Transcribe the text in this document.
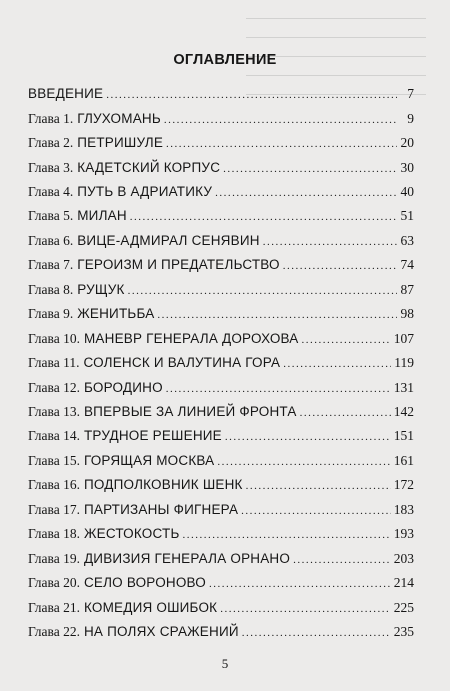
ОГЛАВЛЕНИЕ
ВВЕДЕНИЕ .....	7
Глава 1. ГЛУХОМАНЬ .....	9
Глава 2. ПЕТРИШУЛЕ .....	20
Глава 3. КАДЕТСКИЙ КОРПУС .....	30
Глава 4. ПУТЬ В АДРИАТИКУ .....	40
Глава 5. МИЛАН .....	51
Глава 6. ВИЦЕ-АДМИРАЛ СЕНЯВИН .....	63
Глава 7. ГЕРОИЗМ И ПРЕДАТЕЛЬСТВО .....	74
Глава 8. РУЩУК .....	87
Глава 9. ЖЕНИТЬБА .....	98
Глава 10. МАНЕВР ГЕНЕРАЛА ДОРОХОВА .....	107
Глава 11. СОЛЕНСК И ВАЛУТИНА ГОРА .....	119
Глава 12. БОРОДИНО .....	131
Глава 13. ВПЕРВЫЕ ЗА ЛИНИЕЙ ФРОНТА .....	142
Глава 14. ТРУДНОЕ РЕШЕНИЕ .....	151
Глава 15. ГОРЯЩАЯ МОСКВА .....	161
Глава 16. ПОДПОЛКОВНИК ШЕНК .....	172
Глава 17. ПАРТИЗАНЫ ФИГНЕРА .....	183
Глава 18. ЖЕСТОКОСТЬ .....	193
Глава 19. ДИВИЗИЯ ГЕНЕРАЛА ОРНАНО .....	203
Глава 20. СЕЛО ВОРОНОВО .....	214
Глава 21. КОМЕДИЯ ОШИБОК .....	225
Глава 22. НА ПОЛЯХ СРАЖЕНИЙ .....	235
5
